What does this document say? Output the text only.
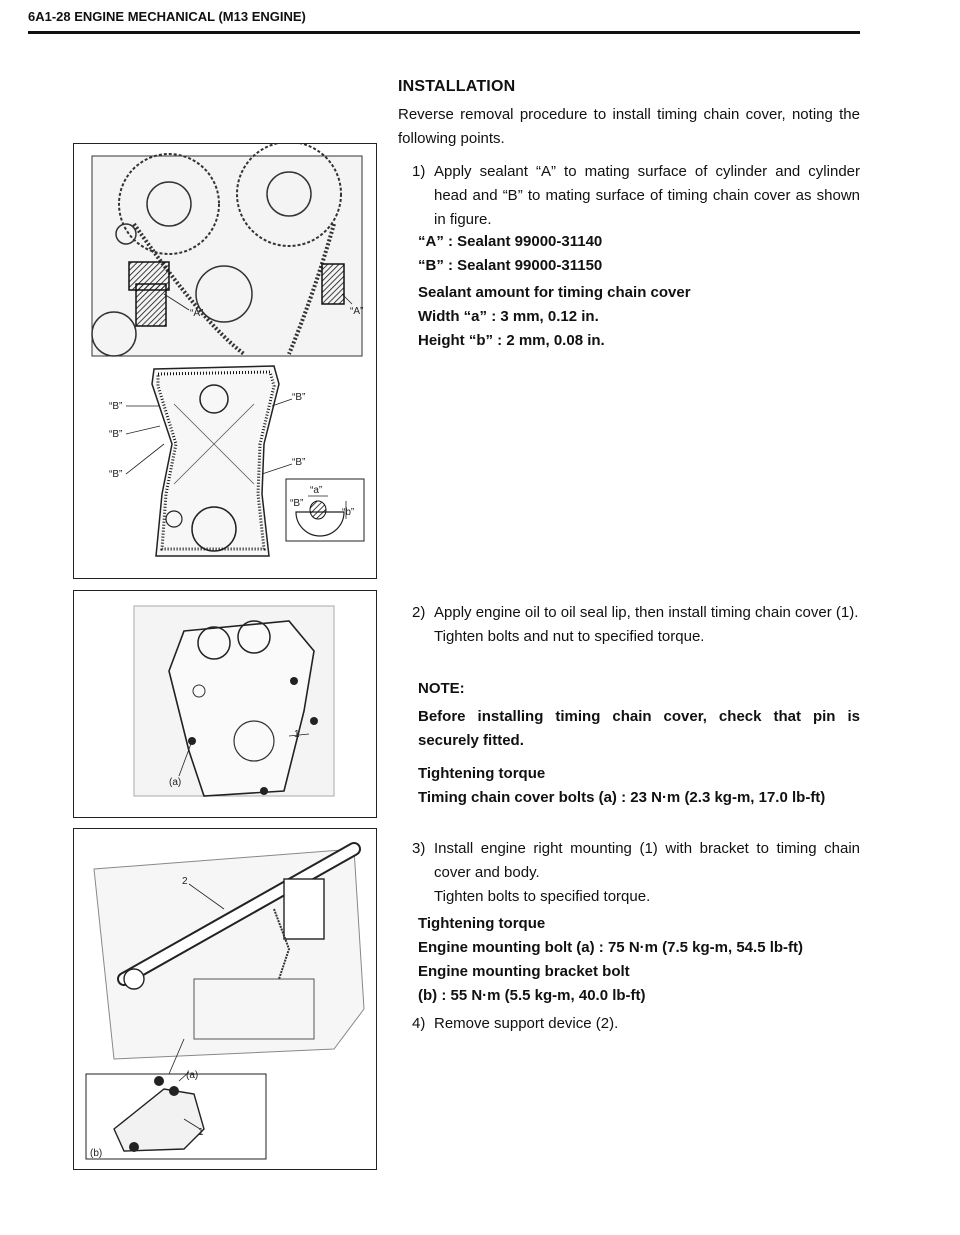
6A1-28 ENGINE MECHANICAL (M13 ENGINE)
INSTALLATION
Reverse removal procedure to install timing chain cover, noting the following points.
“A”	“A”
“B”
“B”
“B”
“B”
“B”
“a”
“b”
“B”
1) Apply sealant “A” to mating surface of cylinder and cylinder head and “B” to mating surface of timing chain cover as shown in figure.
“A” : Sealant 99000-31140
“B” : Sealant 99000-31150
Sealant amount for timing chain cover
Width “a” : 3 mm, 0.12 in.
Height “b” : 2 mm, 0.08 in.
1
(a)
2) Apply engine oil to oil seal lip, then install timing chain cover (1).
Tighten bolts and nut to specified torque.
NOTE:
Before installing timing chain cover, check that pin is securely fitted.
Tightening torque
Timing chain cover bolts (a) : 23 N·m (2.3 kg-m, 17.0 lb-ft)
2
(a)
1
(b)
3) Install engine right mounting (1) with bracket to timing chain cover and body.
Tighten bolts to specified torque.
Tightening torque
Engine mounting bolt (a) : 75 N·m (7.5 kg-m, 54.5 lb-ft)
Engine mounting bracket bolt
(b) : 55 N·m (5.5 kg-m, 40.0 lb-ft)
4) Remove support device (2).
